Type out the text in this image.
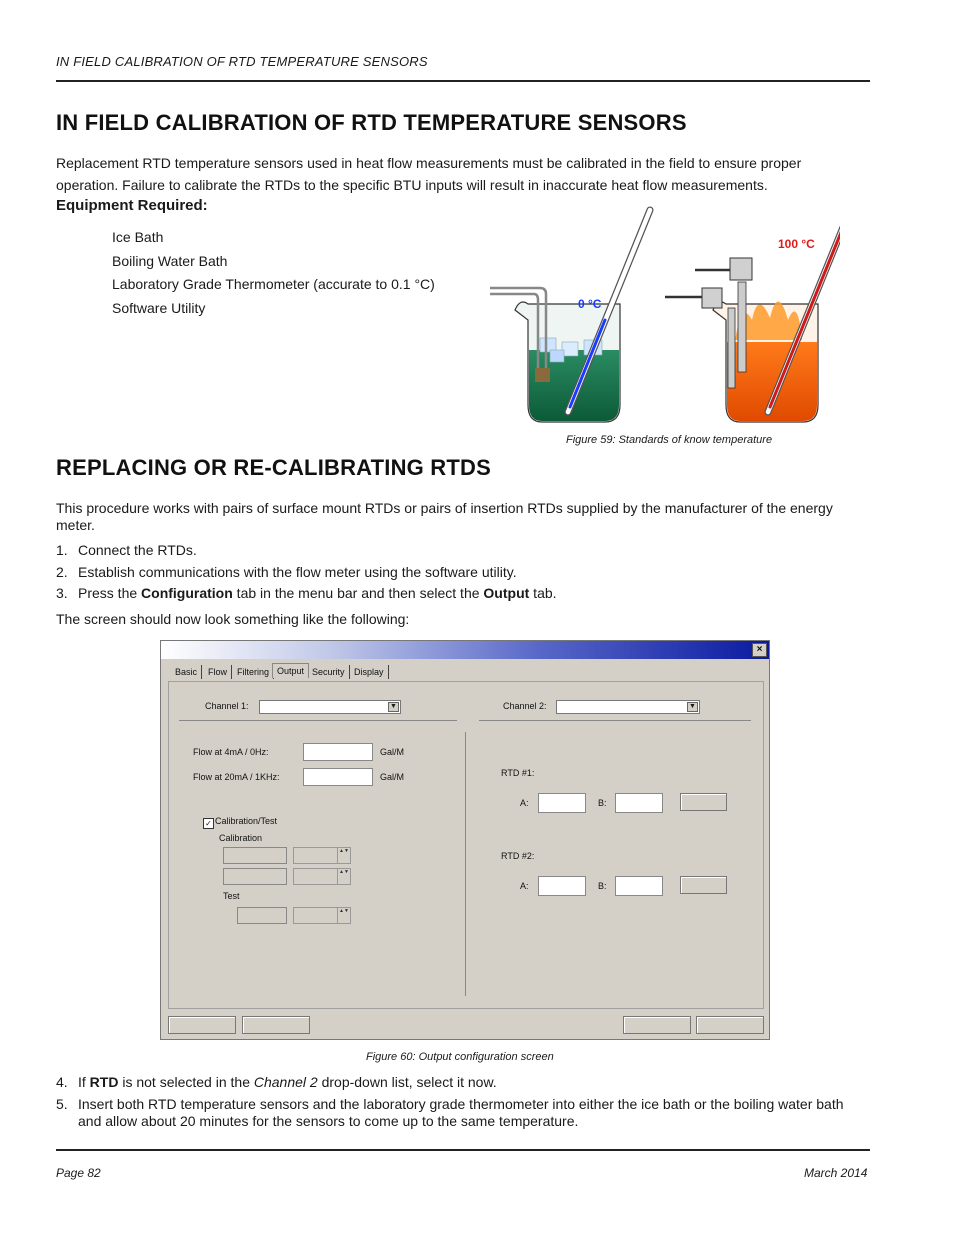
IN FIELD CALIBRATION OF RTD TEMPERATURE SENSORS
IN FIELD CALIBRATION OF RTD TEMPERATURE SENSORS
Replacement RTD temperature sensors used in heat flow measurements must be calibrated in the field to ensure proper operation. Failure to calibrate the RTDs to the specific BTU inputs will result in inaccurate heat flow measurements.
Equipment Required:
Ice Bath
Boiling Water Bath
Laboratory Grade Thermometer (accurate to 0.1 °C)
Software Utility	0 °C
100 °C
Figure 59: Standards of know temperature
REPLACING OR RE-CALIBRATING RTDS
This procedure works with pairs of surface mount RTDs or pairs of insertion RTDs supplied by the manufacturer of the energy meter.
1. Connect the RTDs.
2. Establish communications with the flow meter using the software utility.
3. Press the Configuration tab in the menu bar and then select the Output tab.
The screen should now look something like the following:
×
Basic	Flow	Filtering Output Security	Display
Channel 1:	▼	Channel 2:	▼
Flow at 4mA / 0Hz:	Gal/M
Flow at 20mA / 1KHz:	Gal/M
✓ Calibration/Test
Calibration
▲▼
▲▼
Test
▲▼
RTD #1:
A:	B:
RTD #2:
A:	B:
Figure 60: Output configuration screen
4. If RTD is not selected in the Channel 2 drop-down list, select it now.
5. Insert both RTD temperature sensors and the laboratory grade thermometer into either the ice bath or the boiling water bath and allow about 20 minutes for the sensors to come up to the same temperature.
Page 82	March 2014
